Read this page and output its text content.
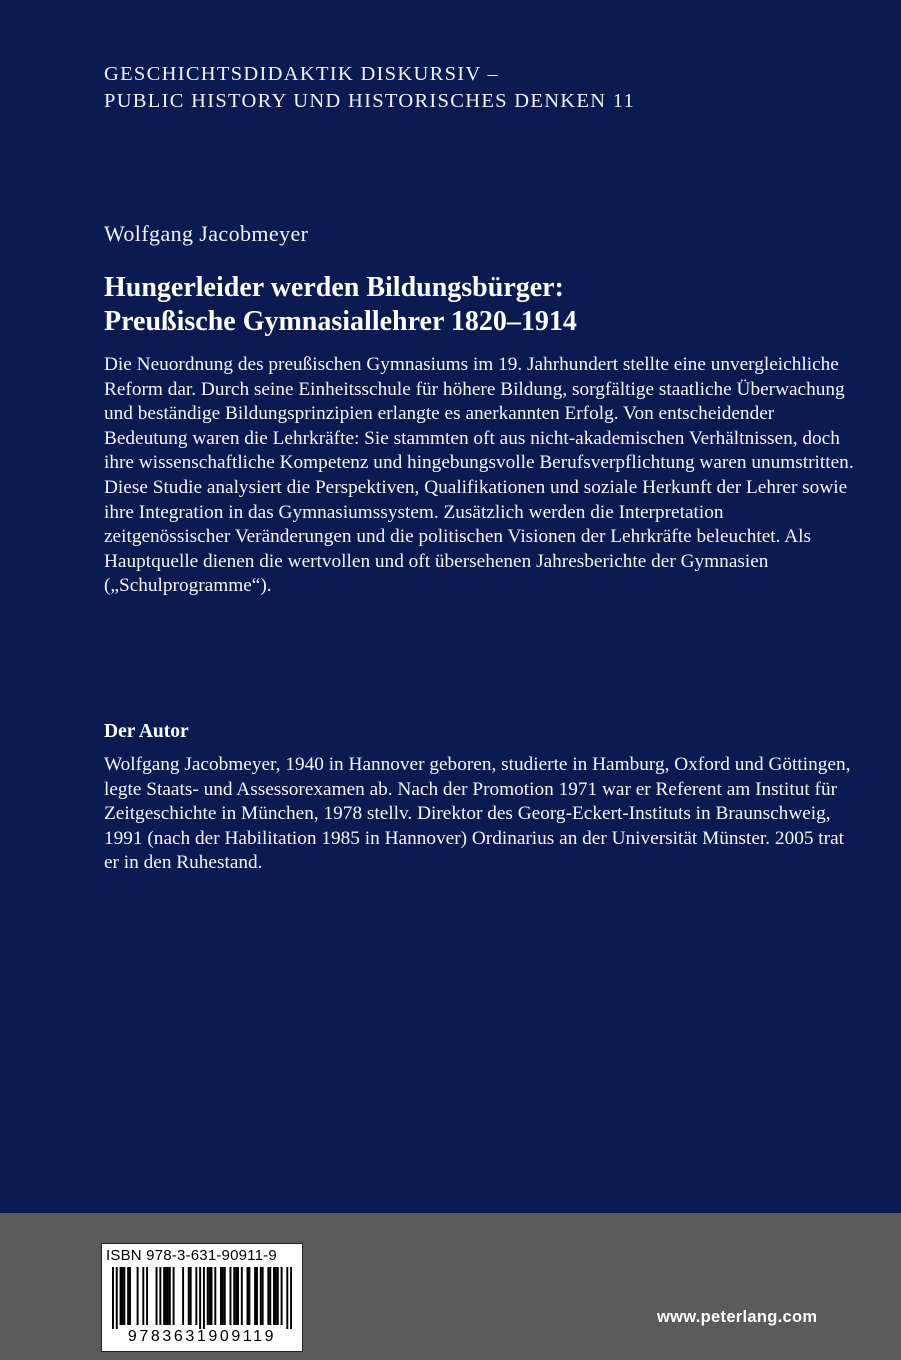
GESCHICHTSDIDAKTIK DISKURSIV –
PUBLIC HISTORY UND HISTORISCHES DENKEN 11
Wolfgang Jacobmeyer
Hungerleider werden Bildungsbürger:
Preußische Gymnasiallehrer 1820–1914
Die Neuordnung des preußischen Gymnasiums im 19. Jahrhundert stellte eine unvergleichliche Reform dar. Durch seine Einheitsschule für höhere Bildung, sorgfältige staatliche Überwachung und beständige Bildungsprinzipien erlangte es anerkannten Erfolg. Von entscheidender Bedeutung waren die Lehrkräfte: Sie stammten oft aus nicht-akademischen Verhältnissen, doch ihre wissenschaftliche Kompetenz und hingebungsvolle Berufsverpflichtung waren unumstritten. Diese Studie analysiert die Perspektiven, Qualifikationen und soziale Herkunft der Lehrer sowie ihre Integration in das Gymnasiumssystem. Zusätzlich werden die Interpretation zeitgenössischer Veränderungen und die politischen Visionen der Lehrkräfte beleuchtet. Als Hauptquelle dienen die wertvollen und oft übersehenen Jahresberichte der Gymnasien („Schulprogramme“).
Der Autor
Wolfgang Jacobmeyer, 1940 in Hannover geboren, studierte in Hamburg, Oxford und Göttingen, legte Staats- und Assessorexamen ab. Nach der Promotion 1971 war er Referent am Institut für Zeitgeschichte in München, 1978 stellv. Direktor des Georg-Eckert-Instituts in Braunschweig, 1991 (nach der Habilitation 1985 in Hannover) Ordinarius an der Universität Münster. 2005 trat er in den Ruhestand.
ISBN 978-3-631-90911-9
9783631909119
www.peterlang.com
